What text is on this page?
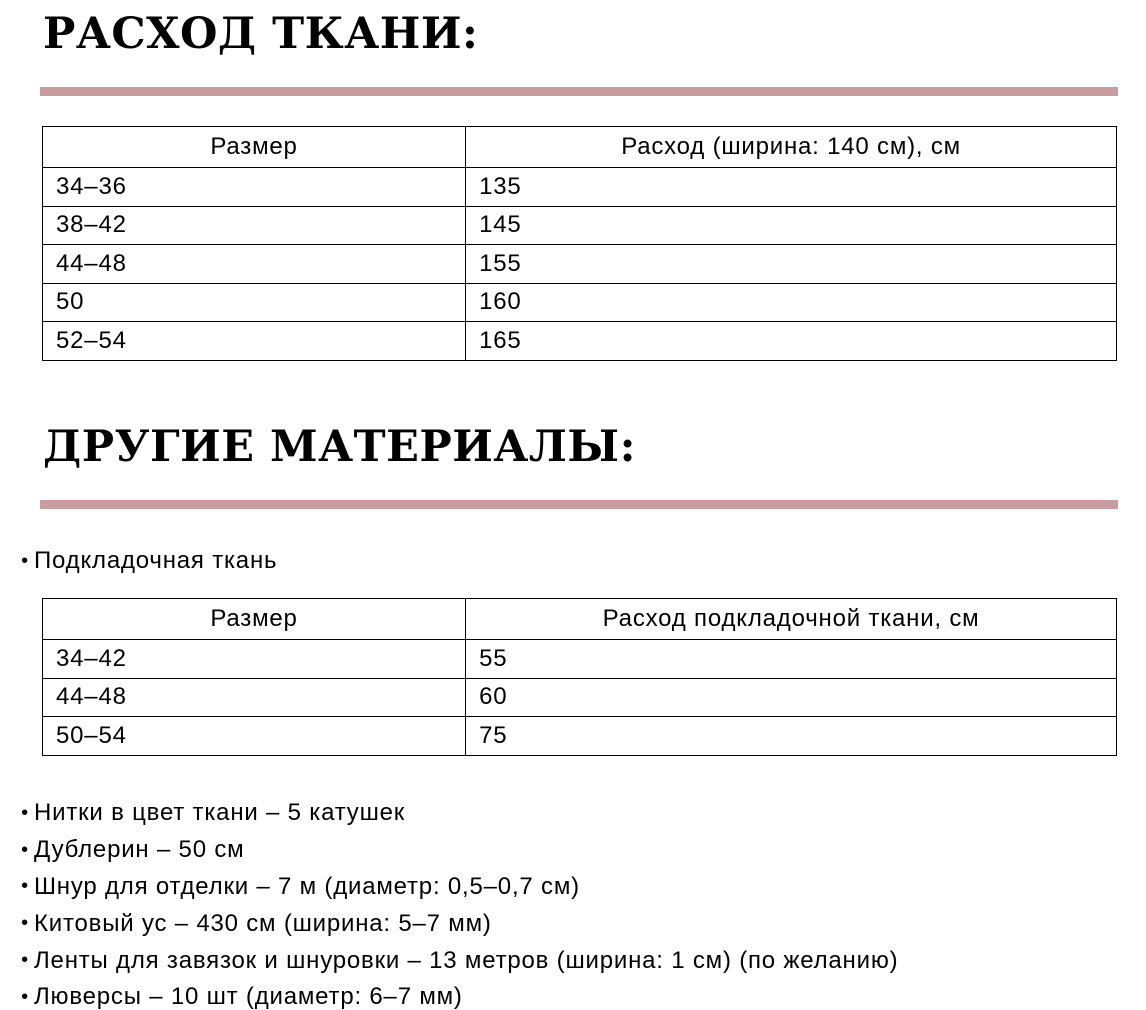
РАСХОД ТКАНИ:
Размер	Расход (ширина: 140 см), см
34–36	135
38–42	145
44–48	155
50	160
52–54	165
ДРУГИЕ МАТЕРИАЛЫ:
• Подкладочная ткань
Размер	Расход подкладочной ткани, см
34–42	55
44–48	60
50–54	75
• Нитки в цвет ткани – 5 катушек
• Дублерин – 50 см
• Шнур для отделки – 7 м (диаметр: 0,5–0,7 см)
• Китовый ус – 430 см (ширина: 5–7 мм)
• Ленты для завязок и шнуровки – 13 метров (ширина: 1 см) (по желанию)
• Люверсы – 10 шт (диаметр: 6–7 мм)
